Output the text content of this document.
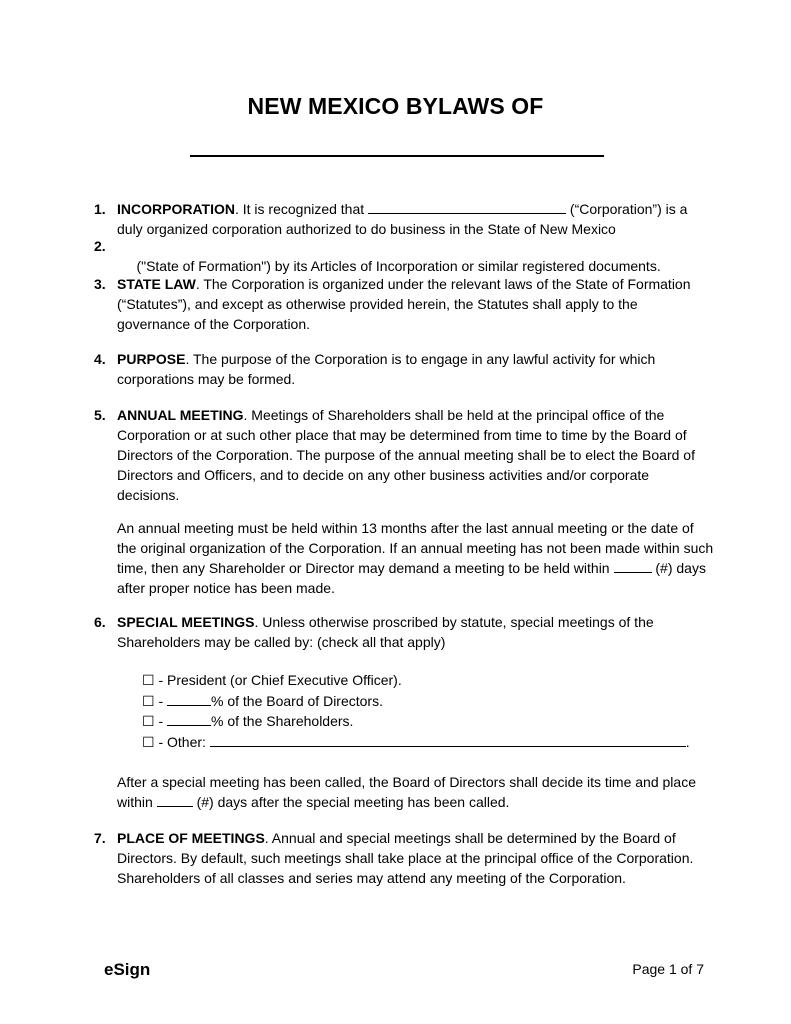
NEW MEXICO BYLAWS OF
1. INCORPORATION. It is recognized that	(“Corporation”) is a
duly organized corporation authorized to do business in the State of New Mexico
2.

("State of Formation") by its Articles of Incorporation or similar registered documents.

3. STATE LAW. The Corporation is organized under the relevant laws of the State of Formation (“Statutes”), and except as otherwise provided herein, the Statutes shall apply to the governance of the Corporation.
4. PURPOSE. The purpose of the Corporation is to engage in any lawful activity for which corporations may be formed.
5. ANNUAL MEETING. Meetings of Shareholders shall be held at the principal office of the Corporation or at such other place that may be determined from time to time by the Board of Directors of the Corporation. The purpose of the annual meeting shall be to elect the Board of Directors and Officers, and to decide on any other business activities and/or corporate decisions.
An annual meeting must be held within 13 months after the last annual meeting or the date of the original organization of the Corporation. If an annual meeting has not been made within such time, then any Shareholder or Director may demand a meeting to be held within	(#) days after proper notice has been made.
6. SPECIAL MEETINGS. Unless otherwise proscribed by statute, special meetings of the Shareholders may be called by: (check all that apply)
☐ - President (or Chief Executive Officer).
☐ -	% of the Board of Directors.
☐ -	% of the Shareholders.
☐ - Other:	.
After a special meeting has been called, the Board of Directors shall decide its time and place within	(#) days after the special meeting has been called.
7. PLACE OF MEETINGS. Annual and special meetings shall be determined by the Board of Directors. By default, such meetings shall take place at the principal office of the Corporation. Shareholders of all classes and series may attend any meeting of the Corporation.
eSign	Page 1 of 7
